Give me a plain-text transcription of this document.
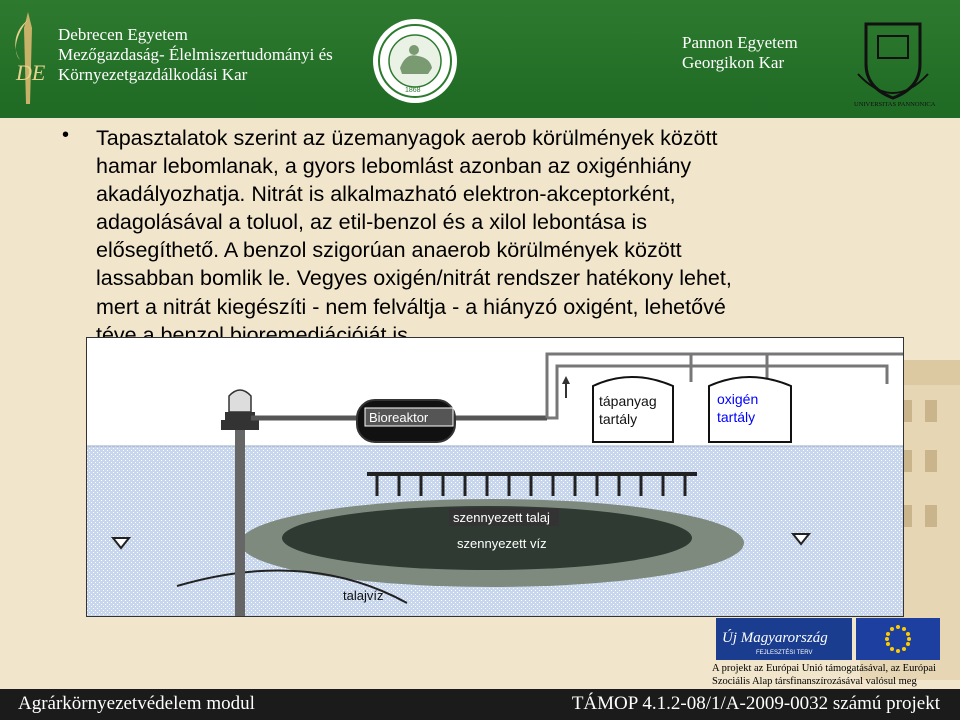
DE
Debrecen Egyetem
Mezőgazdaság- Élelmiszertudományi és
Környezetgazdálkodási Kar
1868
Pannon Egyetem
Georgikon Kar
UNIVERSITAS PANNONICA
• Tapasztalatok szerint az üzemanyagok aerob körülmények között
hamar lebomlanak, a gyors lebomlást azonban az oxigénhiány
akadályozhatja. Nitrát is alkalmazható elektron-akceptorként,
adagolásával a toluol, az etil-benzol és a xilol lebontása is
elősegíthető. A benzol szigorúan anaerob körülmények között
lassabban bomlik le. Vegyes oxigén/nitrát rendszer hatékony lehet,
mert a nitrát kiegészíti - nem felváltja - a hiányzó oxigént, lehetővé
téve a benzol bioremediációját is
Bioreaktor
tápanyag
tartály
oxigén
tartály
szennyezett talaj
szennyezett víz
talajvíz
Új Magyarország
FEJLESZTÉSI TERV
A projekt az Európai Unió támogatásával, az Európai
Szociális Alap társfinanszírozásával valósul meg
Agrárkörnyezetvédelem modul	TÁMOP 4.1.2-08/1/A-2009-0032 számú projekt
